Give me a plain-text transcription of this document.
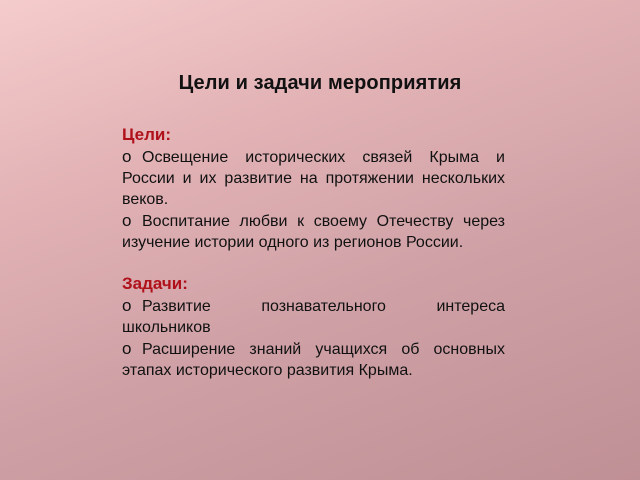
Цели и задачи мероприятия
Цели:
o Освещение исторических связей Крыма и России и их развитие на протяжении нескольких веков.
o Воспитание любви к своему Отечеству через изучение истории одного из регионов России.
Задачи:
o Развитие познавательного интереса школьников
o Расширение знаний учащихся об основных этапах исторического развития Крыма.
